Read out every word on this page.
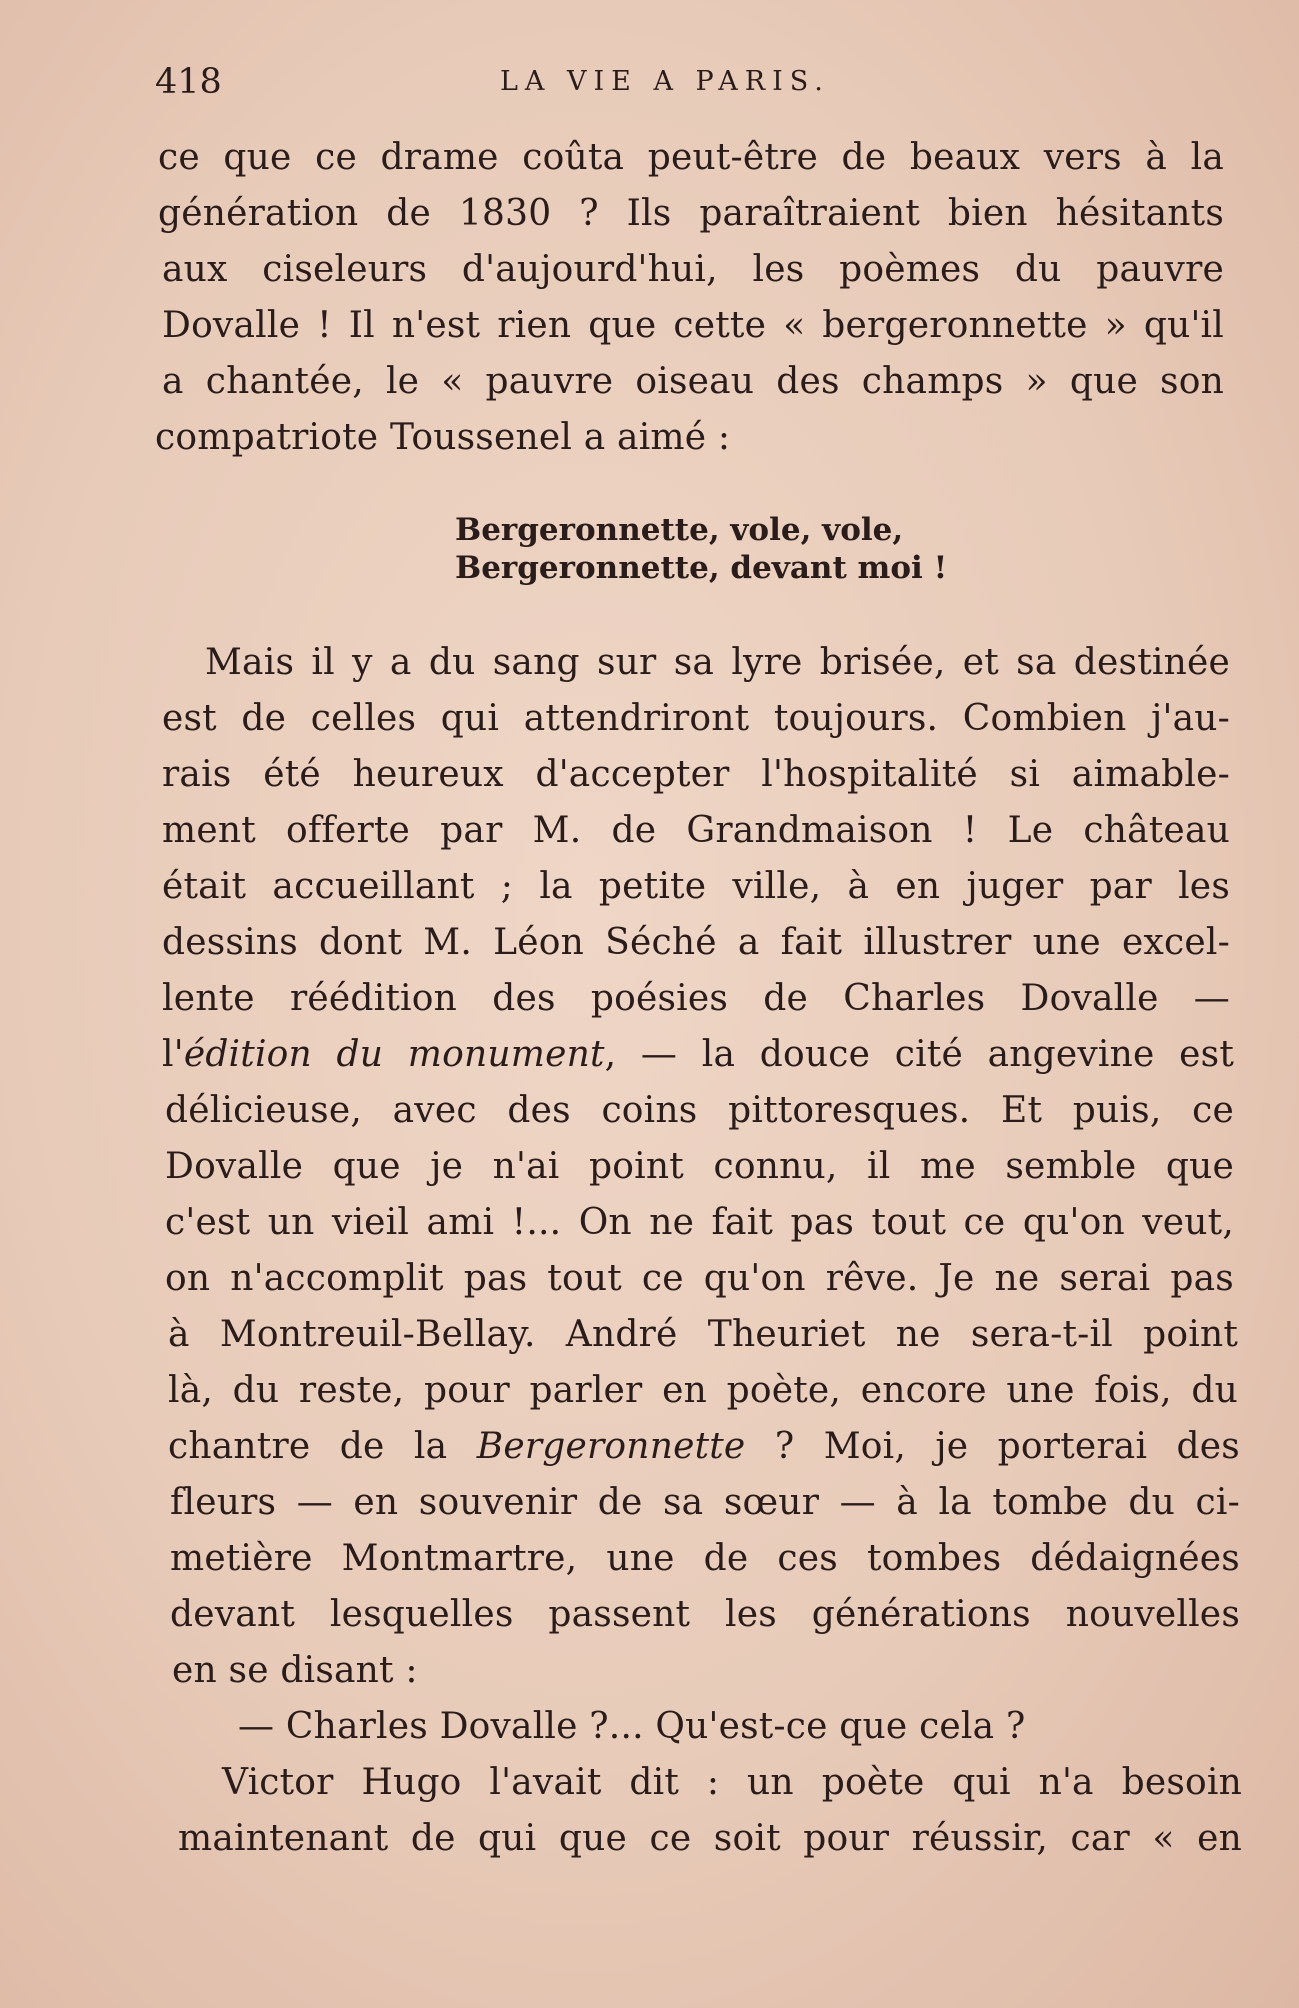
418	LA VIE A PARIS.

ce que ce drame coûta peut-être de beaux vers à la

génération de 1830 ? Ils paraîtraient bien hésitants

aux ciseleurs d'aujourd'hui, les poèmes du pauvre

Dovalle ! Il n'est rien que cette « bergeronnette » qu'il

a chantée, le « pauvre oiseau des champs » que son

compatriote Toussenel a aimé :

Bergeronnette, vole, vole,

Bergeronnette, devant moi !

Mais il y a du sang sur sa lyre brisée, et sa destinée

est de celles qui attendriront toujours. Combien j'au-

rais été heureux d'accepter l'hospitalité si aimable-

ment offerte par M. de Grandmaison ! Le château

était accueillant ; la petite ville, à en juger par les

dessins dont M. Léon Séché a fait illustrer une excel-

lente réédition des poésies de Charles Dovalle —

l'édition du monument, — la douce cité angevine est

délicieuse, avec des coins pittoresques. Et puis, ce

Dovalle que je n'ai point connu, il me semble que

c'est un vieil ami !... On ne fait pas tout ce qu'on veut,

on n'accomplit pas tout ce qu'on rêve. Je ne serai pas

à Montreuil-Bellay. André Theuriet ne sera-t-il point

là, du reste, pour parler en poète, encore une fois, du

chantre de la Bergeronnette ? Moi, je porterai des

fleurs — en souvenir de sa sœur — à la tombe du ci-

metière Montmartre, une de ces tombes dédaignées

devant lesquelles passent les générations nouvelles

en se disant :

— Charles Dovalle ?... Qu'est-ce que cela ?

Victor Hugo l'avait dit : un poète qui n'a besoin

maintenant de qui que ce soit pour réussir, car « en
